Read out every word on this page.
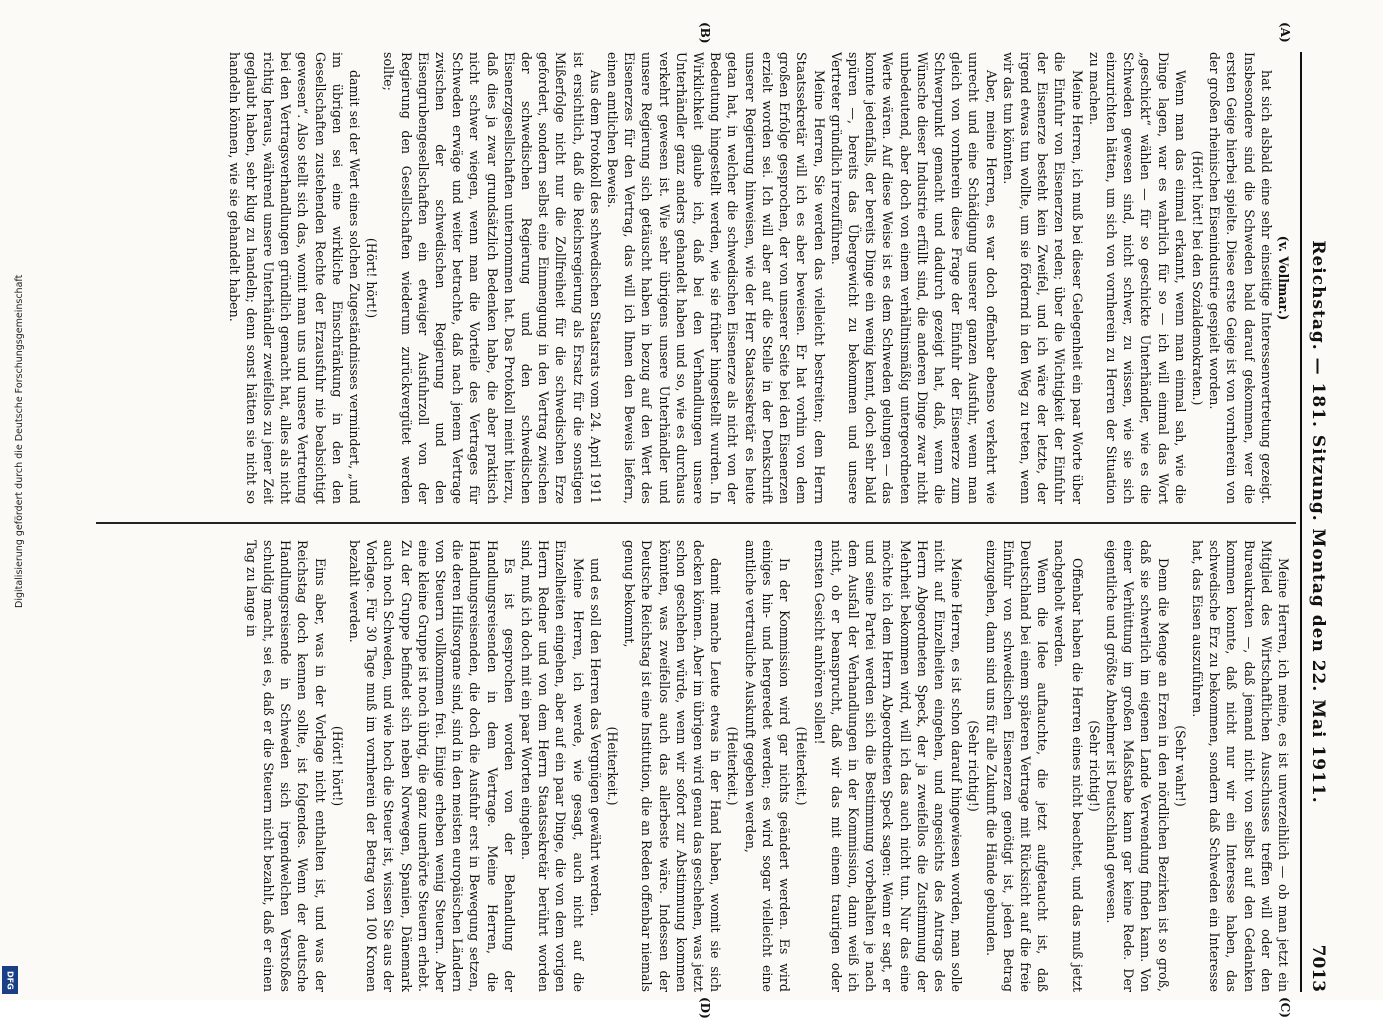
Reichstag. — 181. Sitzung. Montag den 22. Mai 1911.
7013
(A)
(B)
(C)
(D)

(v. Vollmar.)

hat sich alsbald eine sehr einseitige Interessenvertretung gezeigt. Insbesondere sind die Schweden bald darauf gekommen, wer die ersten Geige hierbei spielte. Diese erste Geige ist von vornherein von der großen rheinischen Eisenindustrie gespielt worden.

(Hört! hört! bei den Sozialdemokraten.)

Wenn man das einmal erkannt, wenn man einmal sah, wie die Dinge lagen, war es wahrlich für so — ich will einmal das Wort „geschickt“ wählen — für so geschickte Unterhändler, wie es die Schweden gewesen sind, nicht schwer, zu wissen, wie sie sich einzurichten hätten, um sich von vornherein zu Herren der Situation zu machen.

Meine Herren, ich muß bei dieser Gelegenheit ein paar Worte über die Einfuhr von Eisenerzen reden; über die Wichtigkeit der Einfuhr der Eisenerze besteht kein Zweifel, und ich wäre der letzte, der irgend etwas tun wollte, um sie fördernd in den Weg zu treten, wenn wir das tun könnten.

Aber, meine Herren, es war doch offenbar ebenso verkehrt wie unrecht und eine Schädigung unserer ganzen Ausfuhr, wenn man gleich von vornherein diese Frage der Einfuhr der Eisenerze zum Schwerpunkt gemacht und dadurch gezeigt hat, daß, wenn die Wünsche dieser Industrie erfüllt sind, die anderen Dinge zwar nicht unbedeutend, aber doch von einem verhältnismäßig untergeordneten Werte wären. Auf diese Weise ist es dem Schweden gelungen — das konnte jedenfalls, der bereits Dinge ein wenig kennt, doch sehr bald spüren —, bereits das Übergewicht zu bekommen und unsere Vertreter gründlich irrezuführen.

Meine Herren, Sie werden das vielleicht bestreiten; dem Herrn Staatssekretär will ich es aber beweisen. Er hat vorhin von dem großen Erfolge gesprochen, der von unserer Seite bei den Eisenerzen erzielt worden sei. Ich will aber auf die Stelle in der Denkschrift unserer Regierung hinweisen, wie der Herr Staatssekretär es heute getan hat, in welcher die schwedischen Eisenerze als nicht von der Bedeutung hingestellt werden, wie sie früher hingestellt wurden. In Wirklichkeit glaube ich, daß bei den Verhandlungen unsere Unterhändler ganz anders gehandelt haben und so, wie es durchaus verkehrt gewesen ist. Wie sehr übrigens unsere Unterhändler und unsere Regierung sich getäuscht haben in bezug auf den Wert des Eisenerzes für den Vertrag, das will ich Ihnen den Beweis liefern, einen amtlichen Beweis.

Aus dem Protokoll des schwedischen Staatsrats vom 24. April 1911 ist ersichtlich, daß die Reichsregierung als Ersatz für die sonstigen Mißerfolge nicht nur die Zollfreiheit für die schwedischen Erze gefordert, sondern selbst eine Einmengung in den Vertrag zwischen der schwedischen Regierung und den schwedischen Eisenerzgesellschaften unternommen hat. Das Protokoll meint hierzu, daß dies ja zwar grundsätzlich Bedenken habe, die aber praktisch nicht schwer wiegen, wenn man die Vorteile des Vertrages für Schweden erwäge und weiter betrachte, daß nach jenem Vertrage zwischen der schwedischen Regierung und den Eisengrubengesellschaften ein etwaiger Ausfuhrzoll von der Regierung den Gesellschaften wiederum zurückvergütet werden sollte;

(Hört! hört!)

damit sei der Wert eines solchen Zugeständnisses vermindert, „und im übrigen sei eine wirkliche Einschränkung in den den Gesellschaften zustehenden Rechte der Erzausfuhr nie beabsichtigt gewesen“. Also stellt sich das, womit man uns und unsere Vertretung bei den Vertragsverhandlungen gründlich gemacht hat, alles als nicht richtig heraus, während unsere Unterhändler zweifellos zu jener Zeit geglaubt haben, sehr klug zu handeln; denn sonst hätten sie nicht so handeln können, wie sie gehandelt haben.

Meine Herren, ich meine, es ist unverzeihlich — ob man jetzt ein Mitglied des Wirtschaftlichen Ausschusses treffen will oder den Bureaukraten —, daß jemand nicht von selbst auf den Gedanken kommen konnte, daß nicht nur wir ein Interesse haben, das schwedische Erz zu bekommen, sondern daß Schweden ein Interesse hat, das Eisen auszuführen.

(Sehr wahr!)

Denn die Menge an Erzen in den nördlichen Bezirken ist so groß, daß sie schwerlich im eigenen Lande Verwendung finden kann. Von einer Verhüttung im großen Maßstabe kann gar keine Rede. Der eigentliche und größte Abnehmer ist Deutschland gewesen.

(Sehr richtig!)

Offenbar haben die Herren eines nicht beachtet, und das muß jetzt nachgeholt werden.

Wenn die Idee auftauchte, die jetzt aufgetaucht ist, daß Deutschland bei einem späteren Vertrage mit Rücksicht auf die freie Einfuhr von schwedischen Eisenerzen genötigt ist, jeden Betrag einzugehen, dann sind uns für alle Zukunft die Hände gebunden.

(Sehr richtig!)

Meine Herren, es ist schon darauf hingewiesen worden, man solle nicht auf Einzelheiten eingehen, und angesichts des Antrags des Herrn Abgeordneten Speck, der ja zweifellos die Zustimmung der Mehrheit bekommen wird, will ich das auch nicht tun. Nur das eine möchte ich dem Herrn Abgeordneten Speck sagen: Wenn er sagt, er und seine Partei werden sich die Bestimmung vorbehalten je nach dem Ausfall der Verhandlungen in der Kommission, dann weiß ich nicht, ob er beansprucht, daß wir das mit einem traurigen oder ernsten Gesicht anhören sollen!

(Heiterkeit.)

In der Kommission wird gar nichts geändert werden. Es wird einiges hin- und hergeredet werden; es wird sogar vielleicht eine amtliche vertrauliche Auskunft gegeben werden,

(Heiterkeit.)

damit manche Leute etwas in der Hand haben, womit sie sich decken können. Aber im übrigen wird genau das geschehen, was jetzt schon geschehen würde, wenn wir sofort zur Abstimmung kommen könnten, was zweifellos auch das allerbeste wäre. Indessen der Deutsche Reichstag ist eine Institution, die an Reden offenbar niemals genug bekommt,

(Heiterkeit.)

und es soll den Herren das Vergnügen gewährt werden.

Meine Herren, ich werde, wie gesagt, auch nicht auf die Einzelheiten eingehen, aber auf ein paar Dinge, die von dem vorigen Herrn Redner und von dem Herrn Staatssekretär berührt worden sind, muß ich doch mit ein paar Worten eingehen.

Es ist gesprochen worden von der Behandlung der Handlungsreisenden in dem Vertrage. Meine Herren, die Handlungsreisenden, die doch die Ausfuhr erst in Bewegung setzen, die deren Hilfsorgane sind, sind in den meisten europäischen Ländern von Steuern vollkommen frei. Einige erheben wenig Steuern. Aber eine kleine Gruppe ist noch übrig, die ganz unerhörte Steuern erhebt. Zu der Gruppe befindet sich neben Norwegen, Spanien, Dänemark auch noch Schweden, und wie hoch die Steuer ist, wissen Sie aus der Vorlage. Für 30 Tage muß im vornherein der Betrag von 100 Kronen bezahlt werden.

(Hört! hört!)

Eins aber, was in der Vorlage nicht enthalten ist, und was der Reichstag doch kennen sollte, ist folgendes. Wenn der deutsche Handlungsreisende in Schweden sich irgendwelchen Verstoßes schuldig macht, sei es, daß er die Steuern nicht bezahlt, daß er einen Tag zu lange in

Digitalisierung gefördert durch die Deutsche Forschungsgemeinschaft
DFG
